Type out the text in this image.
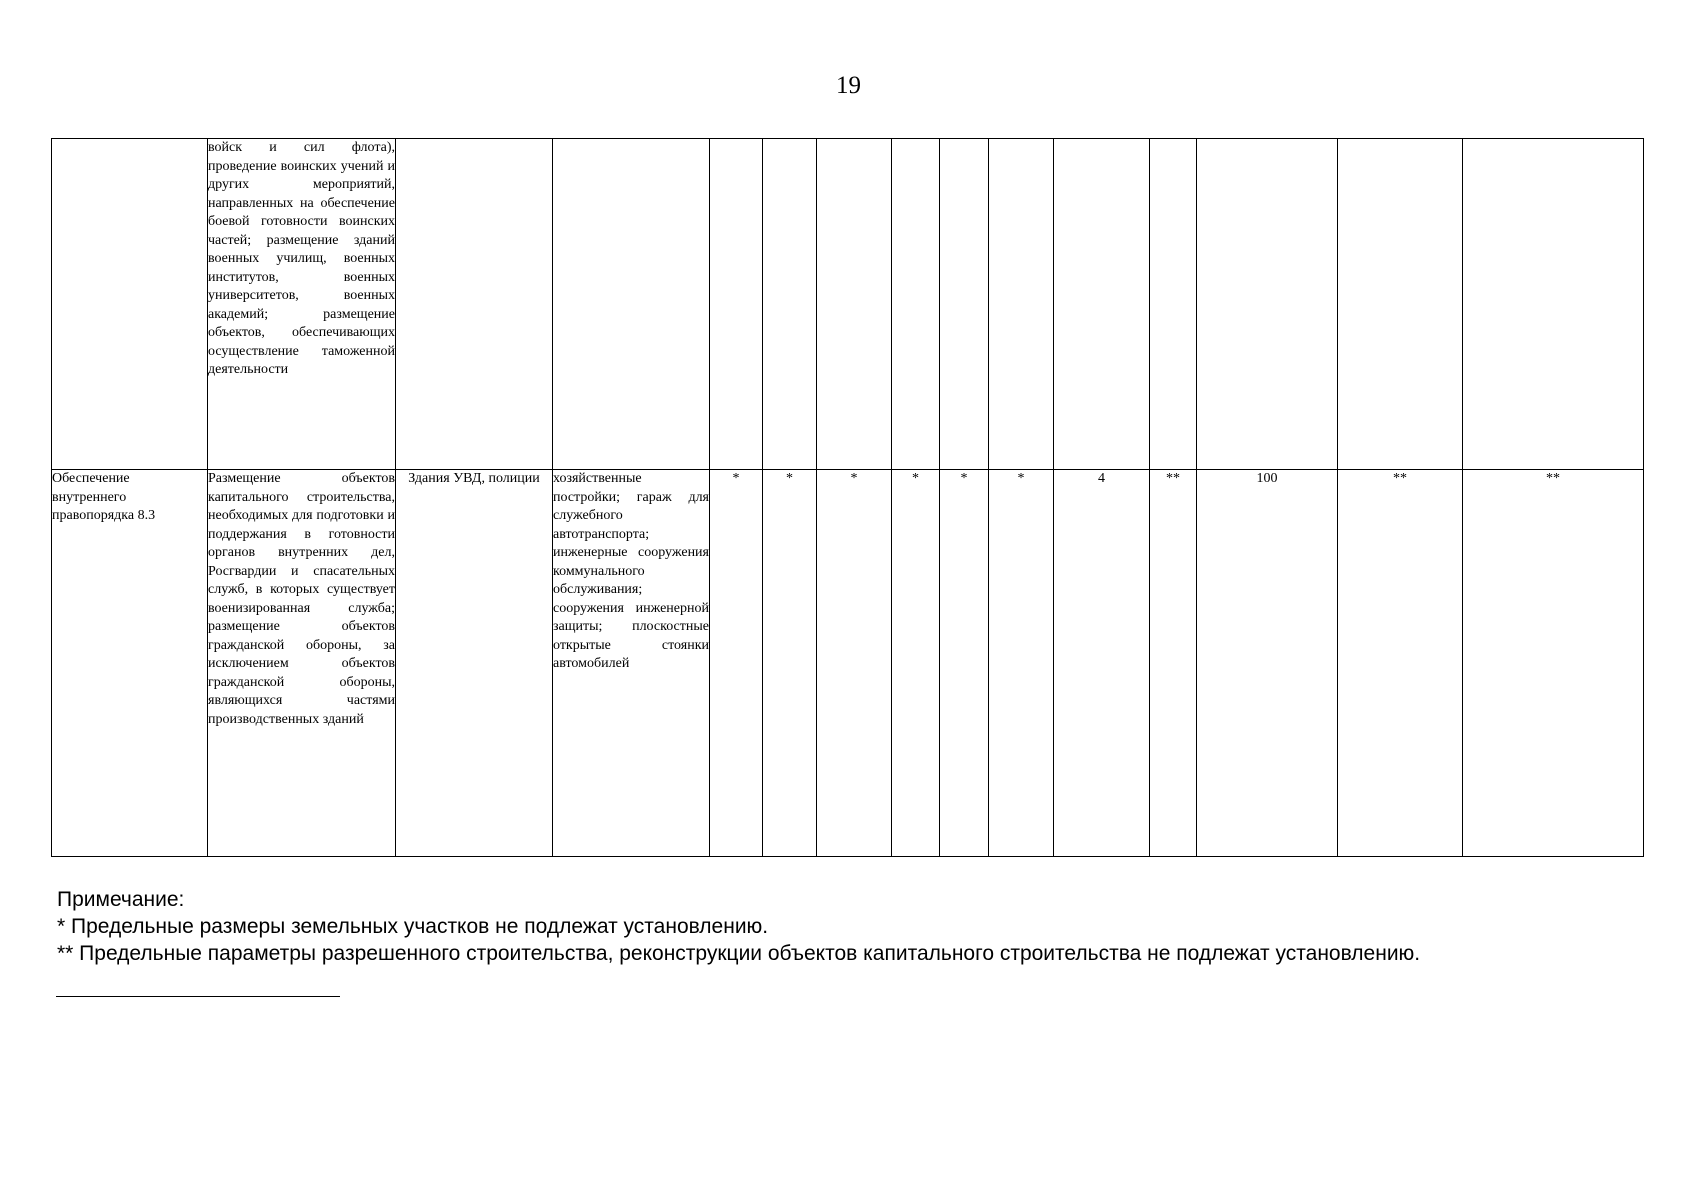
19
	войск и сил флота), проведение воинских учений и других мероприятий, направленных на обеспечение боевой готовности воинских частей; размещение зданий военных училищ, военных институтов, военных университетов, военных академий; размещение объектов, обеспечивающих осуществление таможенной деятельности													
Обеспечение внутреннего правопорядка 8.3	Размещение объектов капитального строительства, необходимых для подготовки и поддержания в готовности органов внутренних дел, Росгвардии и спасательных служб, в которых существует военизированная служба; размещение объектов гражданской обороны, за исключением объектов гражданской обороны, являющихся частями производственных зданий	Здания УВД, полиции	хозяйственные постройки; гараж для служебного автотранспорта; инженерные сооружения коммунального обслуживания; сооружения инженерной защиты; плоскостные открытые стоянки автомобилей	*	*	*	*	*	*	4	**	100	**	**
Примечание:
* Предельные размеры земельных участков не подлежат установлению.
** Предельные параметры разрешенного строительства, реконструкции объектов капитального строительства не подлежат установлению.
